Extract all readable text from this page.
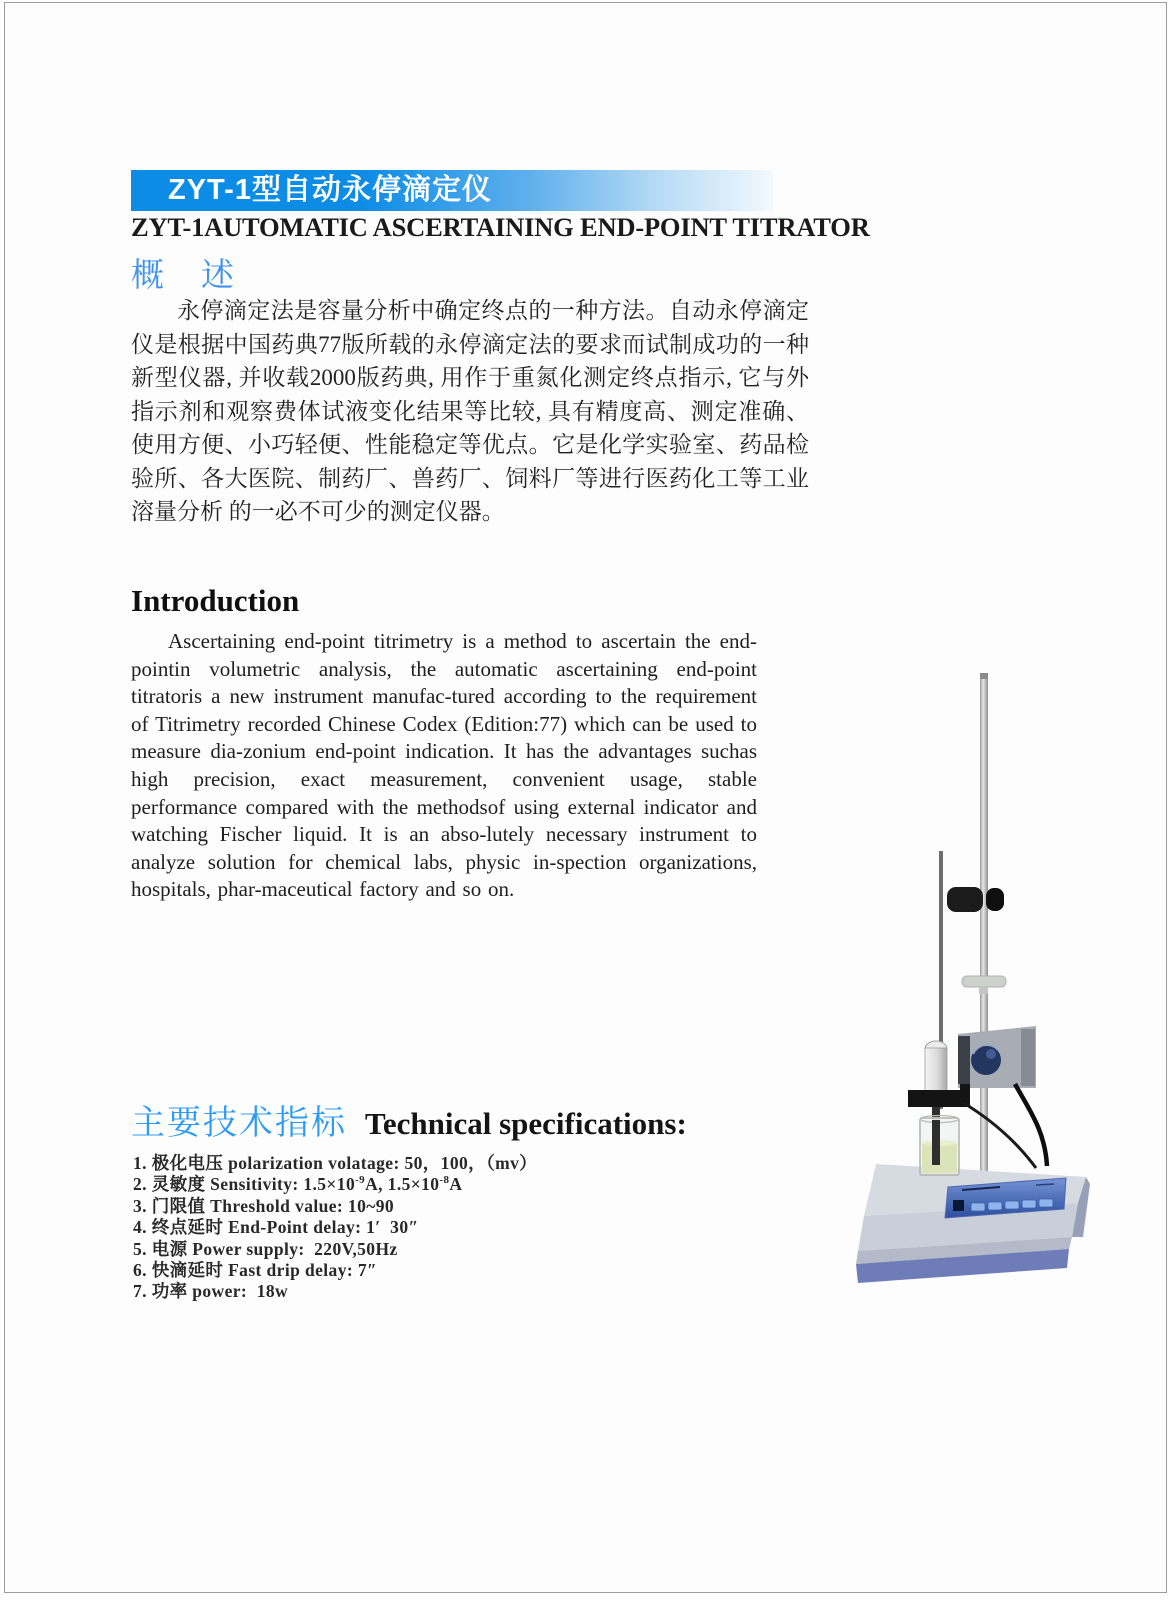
ZYT-1型自动永停滴定仪
ZYT-1AUTOMATIC ASCERTAINING END-POINT TITRATOR
概　述

永停滴定法是容量分析中确定终点的一种方法。自动永停滴定仪是根据中国药典77版所载的永停滴定法的要求而试制成功的一种新型仪器, 并收载2000版药典, 用作于重氮化测定终点指示, 它与外指示剂和观察费体试液变化结果等比较, 具有精度高、测定准确、使用方便、小巧轻便、性能稳定等优点。它是化学实验室、药品检验所、各大医院、制药厂、兽药厂、饲料厂等进行医药化工等工业溶量分析 的一必不可少的测定仪器。

Introduction

Ascertaining end-point titrimetry is a method to ascertain the end-pointin volumetric analysis, the automatic ascertaining end-point titratoris a new instrument manufac-tured according to the requirement of Titrimetry recorded Chinese Codex (Edition:77) which can be used to measure dia-zonium end-point indication. It has the advantages suchas high precision, exact measurement, convenient usage, stable performance compared with the methodsof using external indicator and watching Fischer liquid. It is an abso-lutely necessary instrument to analyze solution for chemical labs, physic in-spection organizations, hospitals, phar-maceutical factory and so on.

主要技术指标 Technical specifications:
1. 极化电压 polarization volatage: 50，100，（mv）
2. 灵敏度 Sensitivity: $1.5\times 10^{-9}A$, $1.5\times 10^{-8}A$
3. 门限值 Threshold value: 10~90
4. 终点延时 End-Point delay: 1′  30″
5. 电源 Power supply:  220V,50Hz
6. 快滴延时 Fast drip delay: 7″
7. 功率 power:  18w
